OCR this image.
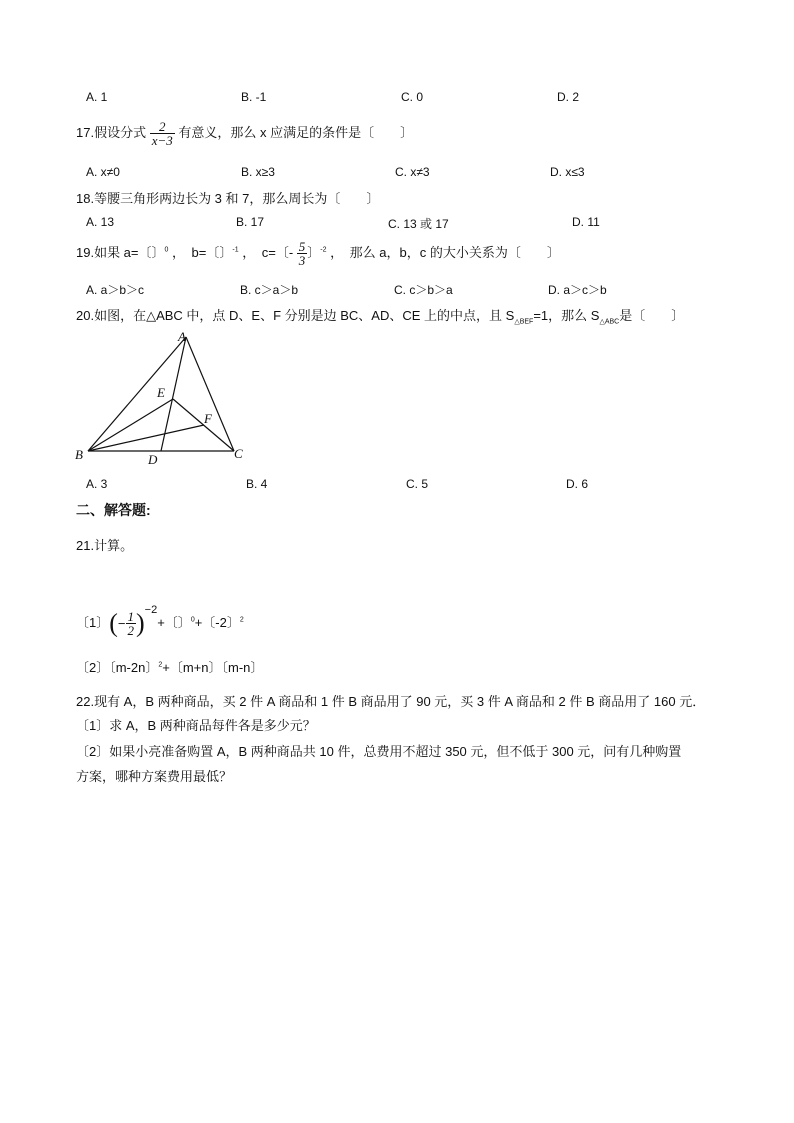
A. 1	B. -1	C. 0	D. 2
17.假设分式 $\frac{2}{x-3}$ 有意义，那么 x 应满足的条件是〔　　〕
A. x≠0	B. x≥3	C. x≠3	D. x≤3
18.等腰三角形两边长为 3 和 7，那么周长为〔　　〕
A. 13	B. 17	C. 13 或 17	D. 11
19.如果 a=〔〕$^0$ ，　b=〔〕$^{-1}$ ，　c=〔- $\frac{5}{3}$ 〕$^{-2}$ ，　那么 a，b，c 的大小关系为〔　　〕
A. a＞b＞c	B. c＞a＞b	C. c＞b＞a	D. a＞c＞b
20.如图，在△ABC 中，点 D、E、F 分别是边 BC、AD、CE 上的中点，且 $S_{\triangle BEF}=1$，那么 $S_{\triangle ABC}$是〔　　〕
A
B	C
D
E
F
A. 3	B. 4	C. 5	D. 6
二、解答题:
21.计算。
〔1〕(− $\frac{1}{2} )^{-2}+$〔〕$^0$+〔-2〕$^2$
〔2〕〔m-2n〕$^2$+〔m+n〕〔m-n〕
22.现有 A，B 两种商品，买 2 件 A 商品和 1 件 B 商品用了 90 元，买 3 件 A 商品和 2 件 B 商品用了 160 元．
〔1〕求 A，B 两种商品每件各是多少元？
〔2〕如果小亮准备购置 A，B 两种商品共 10 件，总费用不超过 350 元，但不低于 300 元，问有几种购置
方案，哪种方案费用最低？
